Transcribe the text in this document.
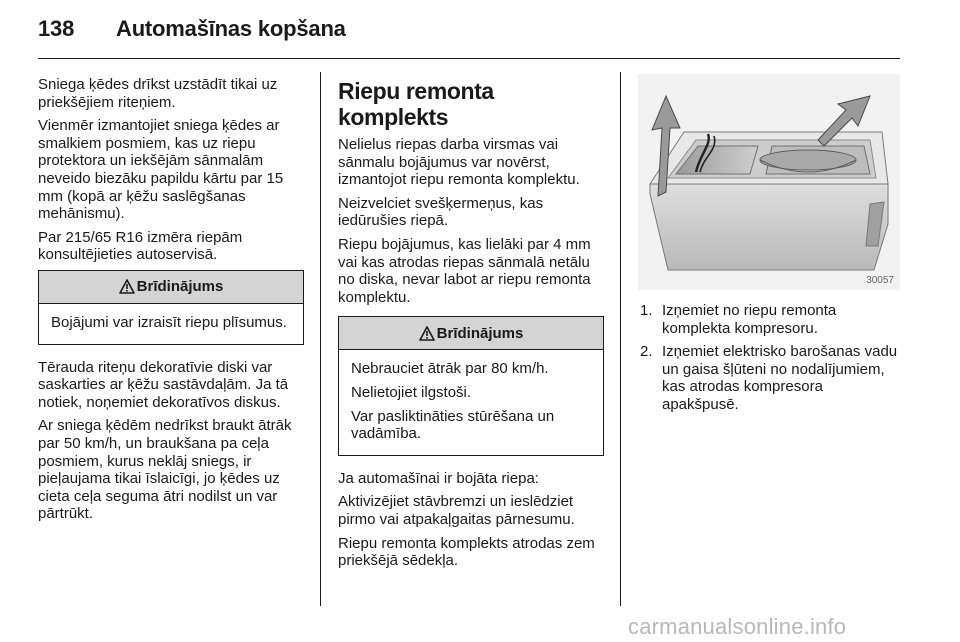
138 Automašīnas kopšana

Sniega ķēdes drīkst uzstādīt tikai uz priekšējiem riteņiem.

Vienmēr izmantojiet sniega ķēdes ar smalkiem posmiem, kas uz riepu protektora un iekšējām sānmalām neveido biezāku papildu kārtu par 15 mm (kopā ar ķēžu saslēgšanas mehānismu).

Par 215/65 R16 izmēra riepām konsultējieties autoservisā.

Brīdinājums

Bojājumi var izraisīt riepu plīsumus.

Tērauda riteņu dekoratīvie diski var saskarties ar ķēžu sastāvdaļām. Ja tā notiek, noņemiet dekoratīvos diskus.

Ar sniega ķēdēm nedrīkst braukt ātrāk par 50 km/h, un braukšana pa ceļa posmiem, kurus neklāj sniegs, ir pieļaujama tikai īslaicīgi, jo ķēdes uz cieta ceļa seguma ātri nodilst un var pārtrūkt.

Riepu remonta komplekts

Nelielus riepas darba virsmas vai sānmalu bojājumus var novērst, izmantojot riepu remonta komplektu.

Neizvelciet svešķermeņus, kas iedūrušies riepā.

Riepu bojājumus, kas lielāki par 4 mm vai kas atrodas riepas sānmalā netālu no diska, nevar labot ar riepu remonta komplektu.

Brīdinājums

Nebrauciet ātrāk par 80 km/h.

Nelietojiet ilgstoši.

Var pasliktināties stūrēšana un vadāmība.

Ja automašīnai ir bojāta riepa:

Aktivizējiet stāvbremzi un ieslēdziet pirmo vai atpakaļgaitas pārnesumu.

Riepu remonta komplekts atrodas zem priekšējā sēdekļa.

30057
1. Izņemiet no riepu remonta komplekta kompresoru.
2. Izņemiet elektrisko barošanas vadu un gaisa šļūteni no nodalījumiem, kas atrodas kompresora apakšpusē.
carmanualsonline.info
